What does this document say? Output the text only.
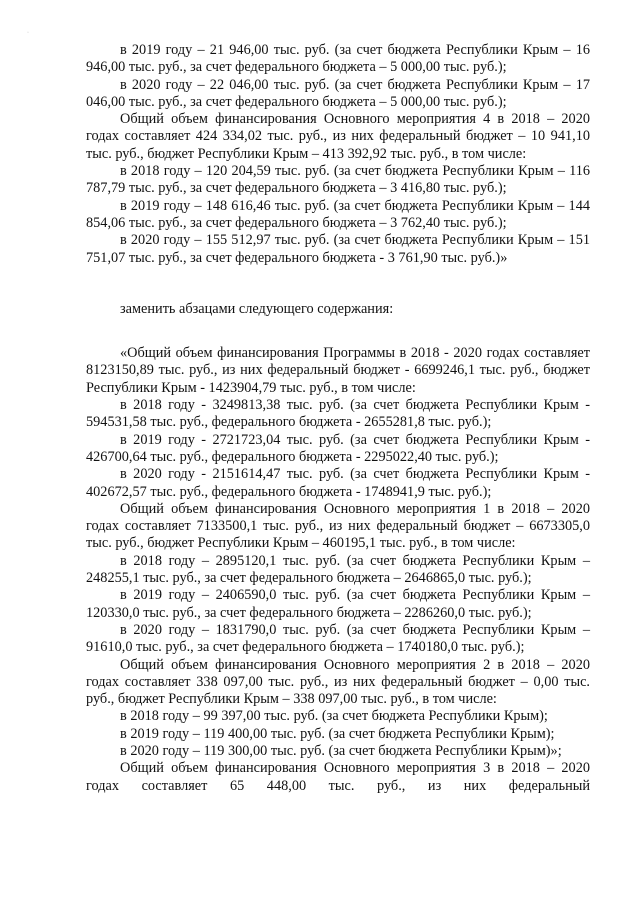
·

в 2019 году – 21 946,00 тыс. руб. (за счет бюджета Республики Крым – 16 946,00 тыс. руб., за счет федерального бюджета – 5 000,00 тыс. руб.);

в 2020 году – 22 046,00 тыс. руб. (за счет бюджета Республики Крым – 17 046,00 тыс. руб., за счет федерального бюджета – 5 000,00 тыс. руб.);

Общий объем финансирования Основного мероприятия 4 в 2018 – 2020 годах составляет 424 334,02 тыс. руб., из них федеральный бюджет – 10 941,10 тыс. руб., бюджет Республики Крым – 413 392,92 тыс. руб., в том числе:

в 2018 году – 120 204,59 тыс. руб. (за счет бюджета Республики Крым – 116 787,79 тыс. руб., за счет федерального бюджета – 3 416,80 тыс. руб.);

в 2019 году – 148 616,46 тыс. руб. (за счет бюджета Республики Крым – 144 854,06 тыс. руб., за счет федерального бюджета – 3 762,40 тыс. руб.);

в 2020 году – 155 512,97 тыс. руб. (за счет бюджета Республики Крым – 151 751,07 тыс. руб., за счет федерального бюджета - 3 761,90 тыс. руб.)»

заменить абзацами следующего содержания:

«Общий объем финансирования Программы в 2018 - 2020 годах составляет 8123150,89 тыс. руб., из них федеральный бюджет - 6699246,1 тыс. руб., бюджет Республики Крым - 1423904,79 тыс. руб., в том числе:

в 2018 году - 3249813,38 тыс. руб. (за счет бюджета Республики Крым - 594531,58 тыс. руб., федерального бюджета - 2655281,8 тыс. руб.);

в 2019 году - 2721723,04 тыс. руб. (за счет бюджета Республики Крым - 426700,64 тыс. руб., федерального бюджета - 2295022,40 тыс. руб.);

в 2020 году - 2151614,47 тыс. руб. (за счет бюджета Республики Крым - 402672,57 тыс. руб., федерального бюджета - 1748941,9 тыс. руб.);

Общий объем финансирования Основного мероприятия 1 в 2018 – 2020 годах составляет 7133500,1 тыс. руб., из них федеральный бюджет – 6673305,0 тыс. руб., бюджет Республики Крым – 460195,1 тыс. руб., в том числе:

в 2018 году – 2895120,1 тыс. руб. (за счет бюджета Республики Крым – 248255,1 тыс. руб., за счет федерального бюджета – 2646865,0 тыс. руб.);

в 2019 году – 2406590,0 тыс. руб. (за счет бюджета Республики Крым – 120330,0 тыс. руб., за счет федерального бюджета – 2286260,0 тыс. руб.);

в 2020 году – 1831790,0 тыс. руб. (за счет бюджета Республики Крым – 91610,0 тыс. руб., за счет федерального бюджета – 1740180,0 тыс. руб.);

Общий объем финансирования Основного мероприятия 2 в 2018 – 2020 годах составляет 338 097,00 тыс. руб., из них федеральный бюджет – 0,00 тыс. руб., бюджет Республики Крым – 338 097,00 тыс. руб., в том числе:

в 2018 году – 99 397,00 тыс. руб. (за счет бюджета Республики Крым);

в 2019 году – 119 400,00 тыс. руб. (за счет бюджета Республики Крым);

в 2020 году – 119 300,00 тыс. руб. (за счет бюджета Республики Крым)»;

Общий объем финансирования Основного мероприятия 3 в 2018 – 2020 годах составляет 65 448,00 тыс. руб., из них федеральный
